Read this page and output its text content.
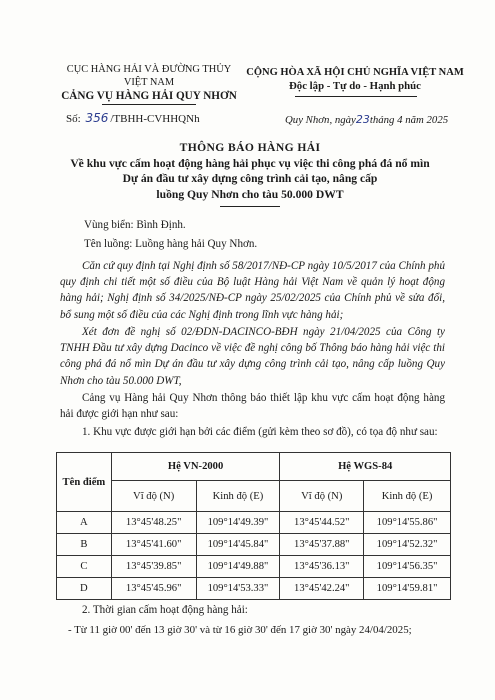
CỤC HÀNG HẢI VÀ ĐƯỜNG THỦY
VIỆT NAM
CẢNG VỤ HÀNG HẢI QUY NHƠN
Số: 356 /TBHH-CVHHQNh
CỘNG HÒA XÃ HỘI CHỦ NGHĨA VIỆT NAM
Độc lập - Tự do - Hạnh phúc
Quy Nhơn, ngày23tháng 4 năm 2025
THÔNG BÁO HÀNG HẢI
Về khu vực cấm hoạt động hàng hải phục vụ việc thi công phá đá nổ mìn
Dự án đầu tư xây dựng công trình cải tạo, nâng cấp
luồng Quy Nhơn cho tàu 50.000 DWT
Vùng biển: Bình Định.
Tên luồng: Luồng hàng hải Quy Nhơn.
Căn cứ quy định tại Nghị định số 58/2017/NĐ-CP ngày 10/5/2017 của Chính phủ quy định chi tiết một số điều của Bộ luật Hàng hải Việt Nam về quản lý hoạt động hàng hải; Nghị định số 34/2025/NĐ-CP ngày 25/02/2025 của Chính phủ về sửa đổi, bổ sung một số điều của các Nghị định trong lĩnh vực hàng hải;
Xét đơn đề nghị số 02/ĐDN-DACINCO-BĐH ngày 21/04/2025 của Công ty TNHH Đầu tư xây dựng Dacinco về việc đề nghị công bố Thông báo hàng hải việc thi công phá đá nổ mìn Dự án đầu tư xây dựng công trình cải tạo, nâng cấp luồng Quy Nhơn cho tàu 50.000 DWT,
Cảng vụ Hàng hải Quy Nhơn thông báo thiết lập khu vực cấm hoạt động hàng hải được giới hạn như sau:
1. Khu vực được giới hạn bởi các điểm (gửi kèm theo sơ đồ), có tọa độ như sau:
Tên điểm	Hệ VN-2000		Hệ WGS-84	
	Vĩ độ (N)	Kinh độ (E)	Vĩ độ (N)	Kinh độ (E)
A	13°45'48.25"	109°14'49.39"	13°45'44.52"	109°14'55.86"
B	13°45'41.60"	109°14'45.84"	13°45'37.88"	109°14'52.32"
C	13°45'39.85"	109°14'49.88"	13°45'36.13"	109°14'56.35"
D	13°45'45.96"	109°14'53.33"	13°45'42.24"	109°14'59.81"
2. Thời gian cấm hoạt động hàng hải:
- Từ 11 giờ 00' đến 13 giờ 30' và từ 16 giờ 30' đến 17 giờ 30' ngày 24/04/2025;
